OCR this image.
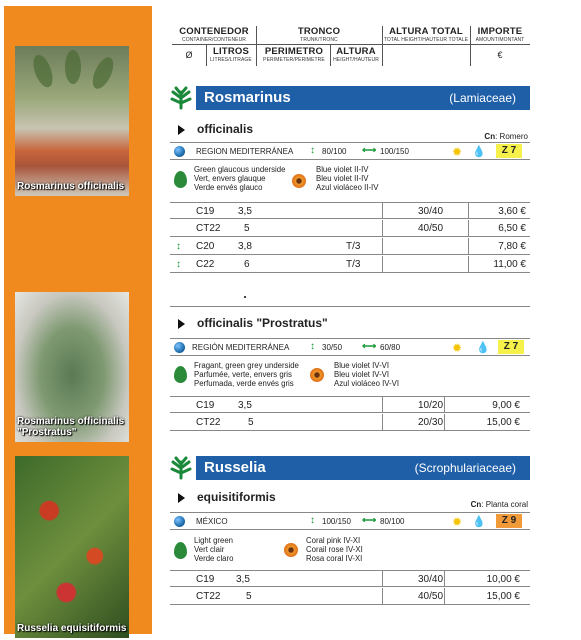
Rosmarinus officinalis
Rosmarinus officinalis "Prostratus"
Russelia equisitiformis
CONTENEDOR
CONTAINER/CONTENEUR
TRONCO
TRUNK/TRONC
ALTURA TOTAL
TOTAL HEIGHT/HAUTEUR TOTALE
IMPORTE
AMOUNT/MONTANT
Ø	LITROS
LITRES/LITRAGE
PERIMETRO
PERIMETER/PERIMETRE
ALTURA
HEIGHT/HAUTEUR	€
Rosmarinus	(Lamiaceae)
officinalis
Cn: Romero
REGION MEDITERRÁNEA ↕ 80/100 ⟷ 100/150	✹ 💧	Z 7
Green glaucous underside
Vert, envers glauque
Verde envés glauco
Blue violet II-IV
Bleu violet II-IV
Azul violáceo II-IV
C19 3,5	30/40	3,60 €
CT22 5	40/50	6,50 €
↕ C20 3,8	T/3	7,80 €
↕ C22	6	T/3	11,00 €
officinalis "Prostratus"
REGIÓN MEDITERRÁNEA ↕ 30/50 ⟷ 60/80	✹ 💧	Z 7
Fragant, green grey underside
Parfumée, verte, envers gris
Perfumada, verde envés gris
Blue violet IV-VI
Bleu violet IV-VI
Azul violáceo IV-VI
C19 3,5	10/20	9,00 €
CT22	5	20/30	15,00 €
Russelia	(Scrophulariaceae)
equisitiformis
Cn: Planta coral
MÉXICO	↕ 100/150 ⟷ 80/100	✹ 💧	Z 9
Light green
Vert clair
Verde claro
Coral pink IV-XI
Corail rose IV-XI
Rosa coral IV-XI
C19 3,5	30/40	10,00 €
CT22	5	40/50	15,00 €
